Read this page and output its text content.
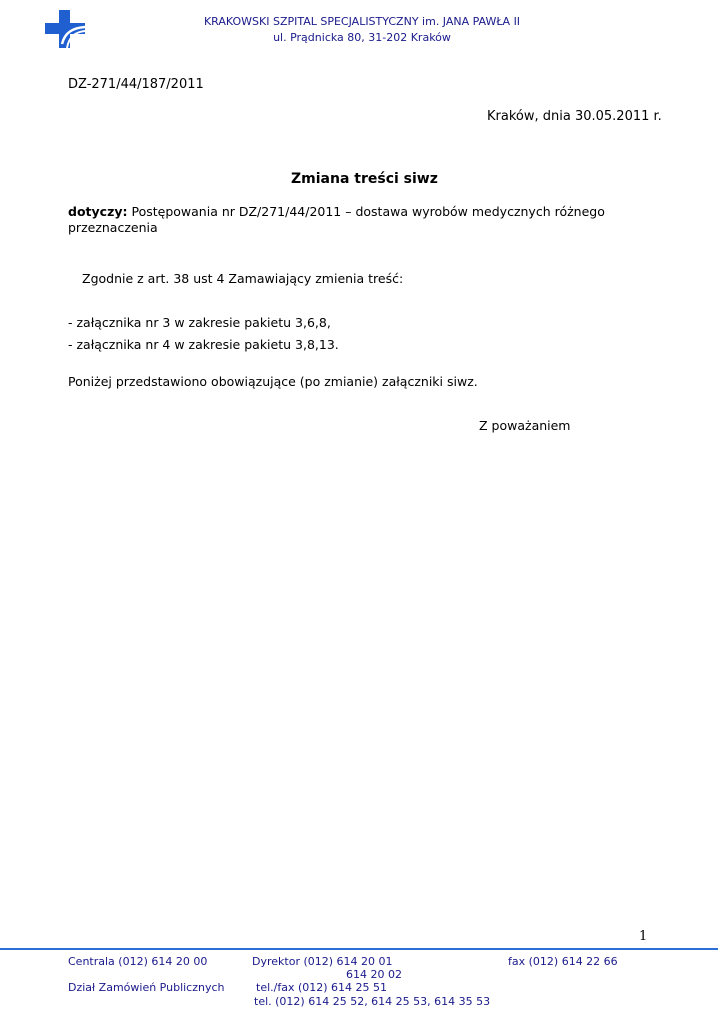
KRAKOWSKI SZPITAL SPECJALISTYCZNY im. JANA PAWŁA II
ul. Prądnicka 80, 31-202 Kraków
DZ-271/44/187/2011
Kraków, dnia 30.05.2011 r.
Zmiana treści siwz
dotyczy: Postępowania nr DZ/271/44/2011 – dostawa wyrobów medycznych różnego
przeznaczenia
Zgodnie z art. 38 ust 4 Zamawiający zmienia treść:
- załącznika nr 3 w zakresie pakietu 3,6,8,
- załącznika nr 4 w zakresie pakietu 3,8,13.
Poniżej przedstawiono obowiązujące (po zmianie) załączniki siwz.
Z poważaniem
1
Centrala (012) 614 20 00	Dyrektor (012) 614 20 01	fax (012) 614 22 66
614 20 02
Dział Zamówień Publicznych	tel./fax (012) 614 25 51
tel. (012) 614 25 52, 614 25 53, 614 35 53
